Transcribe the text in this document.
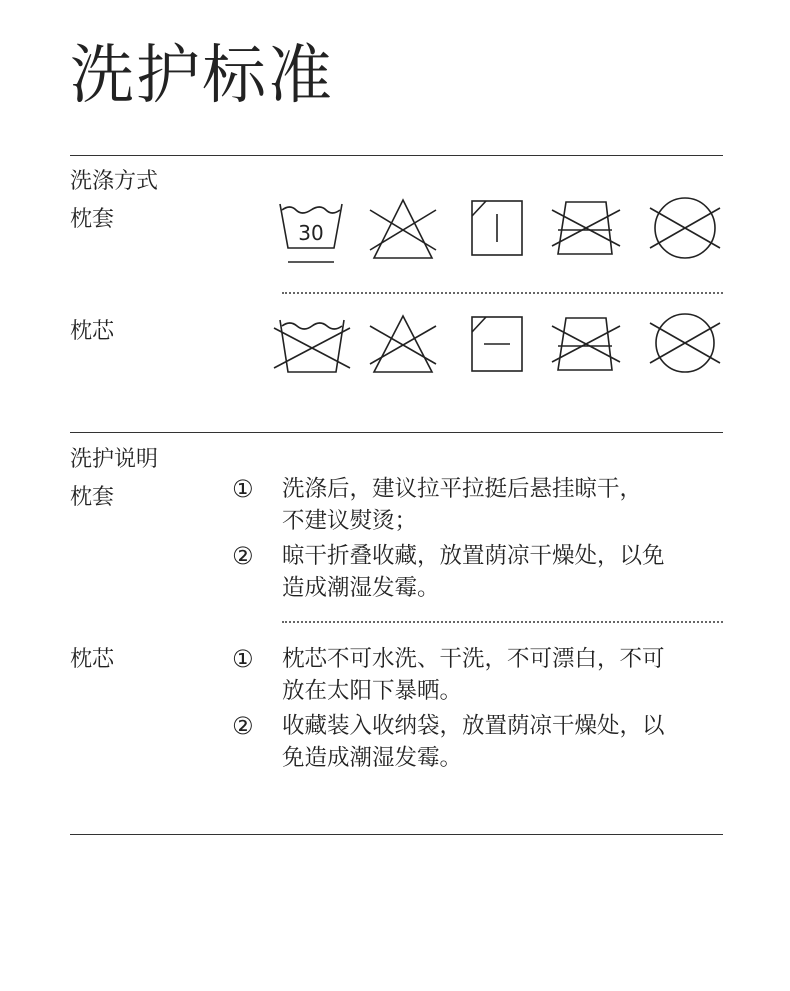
洗护标准
洗涤方式
枕套
30
枕芯
洗护说明
枕套	① 洗涤后，建议拉平拉挺后悬挂晾干，
不建议熨烫；
② 晾干折叠收藏，放置荫凉干燥处，以免
造成潮湿发霉。
枕芯	① 枕芯不可水洗、干洗，不可漂白，不可
放在太阳下暴晒。
② 收藏装入收纳袋，放置荫凉干燥处，以
免造成潮湿发霉。
